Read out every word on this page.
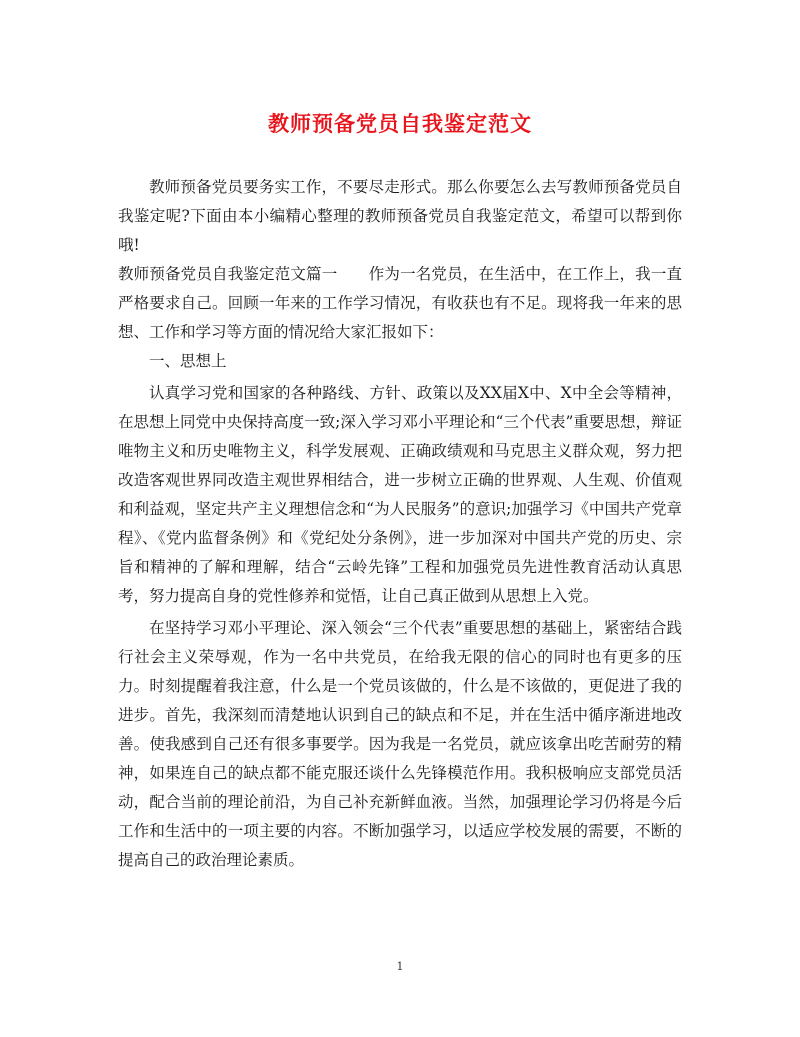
教师预备党员自我鉴定范文

教师预备党员要务实工作，不要尽走形式。那么你要怎么去写教师预备党员自我鉴定呢?下面由本小编精心整理的教师预备党员自我鉴定范文，希望可以帮到你哦!

教师预备党员自我鉴定范文篇一　　作为一名党员，在生活中，在工作上，我一直严格要求自己。回顾一年来的工作学习情况，有收获也有不足。现将我一年来的思想、工作和学习等方面的情况给大家汇报如下：

一、思想上

认真学习党和国家的各种路线、方针、政策以及XX届X中、X中全会等精神，在思想上同党中央保持高度一致;深入学习邓小平理论和“三个代表”重要思想，辩证唯物主义和历史唯物主义，科学发展观、正确政绩观和马克思主义群众观，努力把改造客观世界同改造主观世界相结合，进一步树立正确的世界观、人生观、价值观和利益观，坚定共产主义理想信念和“为人民服务”的意识;加强学习《中国共产党章程》、《党内监督条例》和《党纪处分条例》，进一步加深对中国共产党的历史、宗旨和精神的了解和理解，结合“云岭先锋”工程和加强党员先进性教育活动认真思考，努力提高自身的党性修养和觉悟，让自己真正做到从思想上入党。

在坚持学习邓小平理论、深入领会“三个代表”重要思想的基础上，紧密结合践行社会主义荣辱观，作为一名中共党员，在给我无限的信心的同时也有更多的压力。时刻提醒着我注意，什么是一个党员该做的，什么是不该做的，更促进了我的进步。首先，我深刻而清楚地认识到自己的缺点和不足，并在生活中循序渐进地改善。使我感到自己还有很多事要学。因为我是一名党员，就应该拿出吃苦耐劳的精神，如果连自己的缺点都不能克服还谈什么先锋模范作用。我积极响应支部党员活动，配合当前的理论前沿，为自己补充新鲜血液。当然，加强理论学习仍将是今后工作和生活中的一项主要的内容。不断加强学习，以适应学校发展的需要，不断的提高自己的政治理论素质。

1
